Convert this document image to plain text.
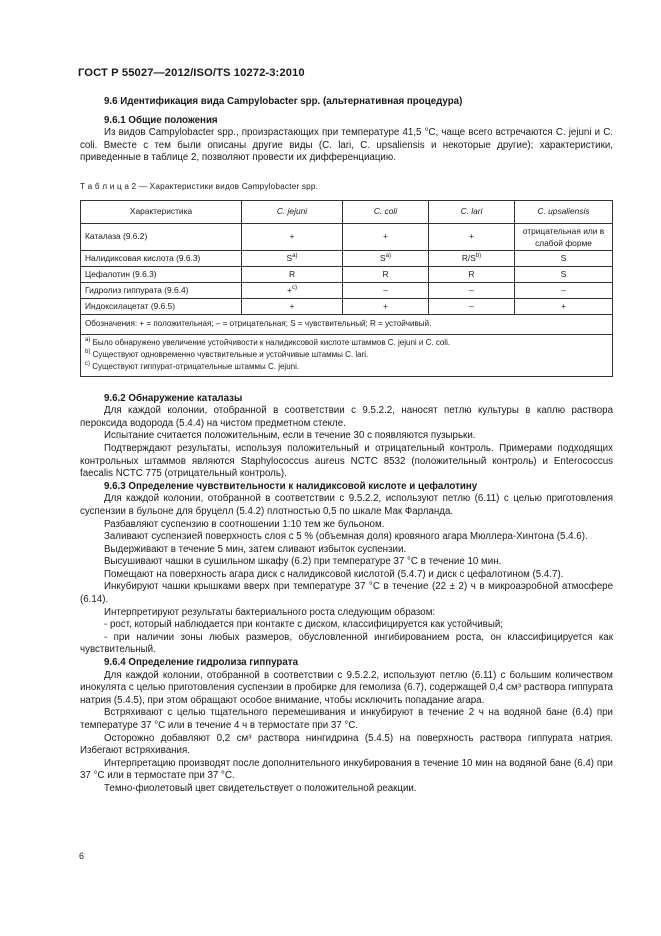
ГОСТ Р 55027—2012/ISO/TS 10272-3:2010

9.6 Идентификация вида Campylobacter spp. (альтернативная процедура)

9.6.1 Общие положения

Из видов Campylobacter spp., произрастающих при температуре 41,5 °С, чаще всего встречаются C. jejuni и C. coli. Вместе с тем были описаны другие виды (C. lari, C. upsaliensis и некоторые другие); характеристики, приведенные в таблице 2, позволяют провести их дифференциацию.

Т а б л и ц а 2 — Характеристики видов Campylobacter spp.
Характеристика	C. jejuni	C. coli	C. lari	C. upsaliensis
Каталаза (9.6.2)	+	+	+	отрицательная или в слабой форме
Налидиксовая кислота (9.6.3)	$S^{а)}$	$S^{а)}$	$R/S^{b)}$	S
Цефалотин (9.6.3)	R	R	R	S
Гидролиз гиппурата (9.6.4)	+$^{с)}$	–	–	–
Индоксилацетат (9.6.5)	+	+	–	+
Обозначения: + = положительная; – = отрицательная; S = чувствительный; R = устойчивый.				

$^{а)}$ Было обнаружено увеличение устойчивости к налидиксовой кислоте штаммов C. jejuni и C. coli.
$^{b)}$ Существуют одновременно чувствительные и устойчивые штаммы C. lari.
$^{с)}$ Существуют гиппурат-отрицательные штаммы C. jejuni.				

9.6.2 Обнаружение каталазы

Для каждой колонии, отобранной в соответствии с 9.5.2.2, наносят петлю культуры в каплю раствора пероксида водорода (5.4.4) на чистом предметном стекле.

Испытание считается положительным, если в течение 30 с появляются пузырьки.

Подтверждают результаты, используя положительный и отрицательный контроль. Примерами подходящих контрольных штаммов являются Staphylococcus aureus NCTC 8532 (положительный контроль) и Enterococcus faecalis NCTC 775 (отрицательный контроль).

9.6.3 Определение чувствительности к налидиксовой кислоте и цефалотину

Для каждой колонии, отобранной в соответствии с 9.5.2.2, используют петлю (6.11) с целью приготовления суспензии в бульоне для бруцелл (5.4.2) плотностью 0,5 по шкале Мак Фарланда.

Разбавляют суспензию в соотношении 1:10 тем же бульоном.

Заливают суспензией поверхность слоя с 5 % (объемная доля) кровяного агара Мюллера-Хинтона (5.4.6).

Выдерживают в течение 5 мин, затем сливают избыток суспензии.

Высушивают чашки в сушильном шкафу (6.2) при температуре 37 °С в течение 10 мин.

Помещают на поверхность агара диск с налидиксовой кислотой (5.4.7) и диск с цефалотином (5.4.7).

Инкубируют чашки крышками вверх при температуре 37 °С в течение (22 ± 2) ч в микроаэробной атмосфере (6.14).

Интерпретируют результаты бактериального роста следующим образом:

- рост, который наблюдается при контакте с диском, классифицируется как устойчивый;

- при наличии зоны любых размеров, обусловленной ингибированием роста, он классифицируется как чувствительный.

9.6.4 Определение гидролиза гиппурата

Для каждой колонии, отобранной в соответствии с 9.5.2.2, используют петлю (6.11) с большим количеством инокулята с целью приготовления суспензии в пробирке для гемолиза (6.7), содержащей 0,4 см³ раствора гиппурата натрия (5.4.5), при этом обращают особое внимание, чтобы исключить попадание агара.

Встряхивают с целью тщательного перемешивания и инкубируют в течение 2 ч на водяной бане (6.4) при температуре 37 °С или в течение 4 ч в термостате при 37 °С.

Осторожно добавляют 0,2 см³ раствора нингидрина (5.4.5) на поверхность раствора гиппурата натрия. Избегают встряхивания.

Интерпретацию производят после дополнительного инкубирования в течение 10 мин на водяной бане (6.4) при 37 °С или в термостате при 37 °С.

Темно-фиолетовый цвет свидетельствует о положительной реакции.

6
